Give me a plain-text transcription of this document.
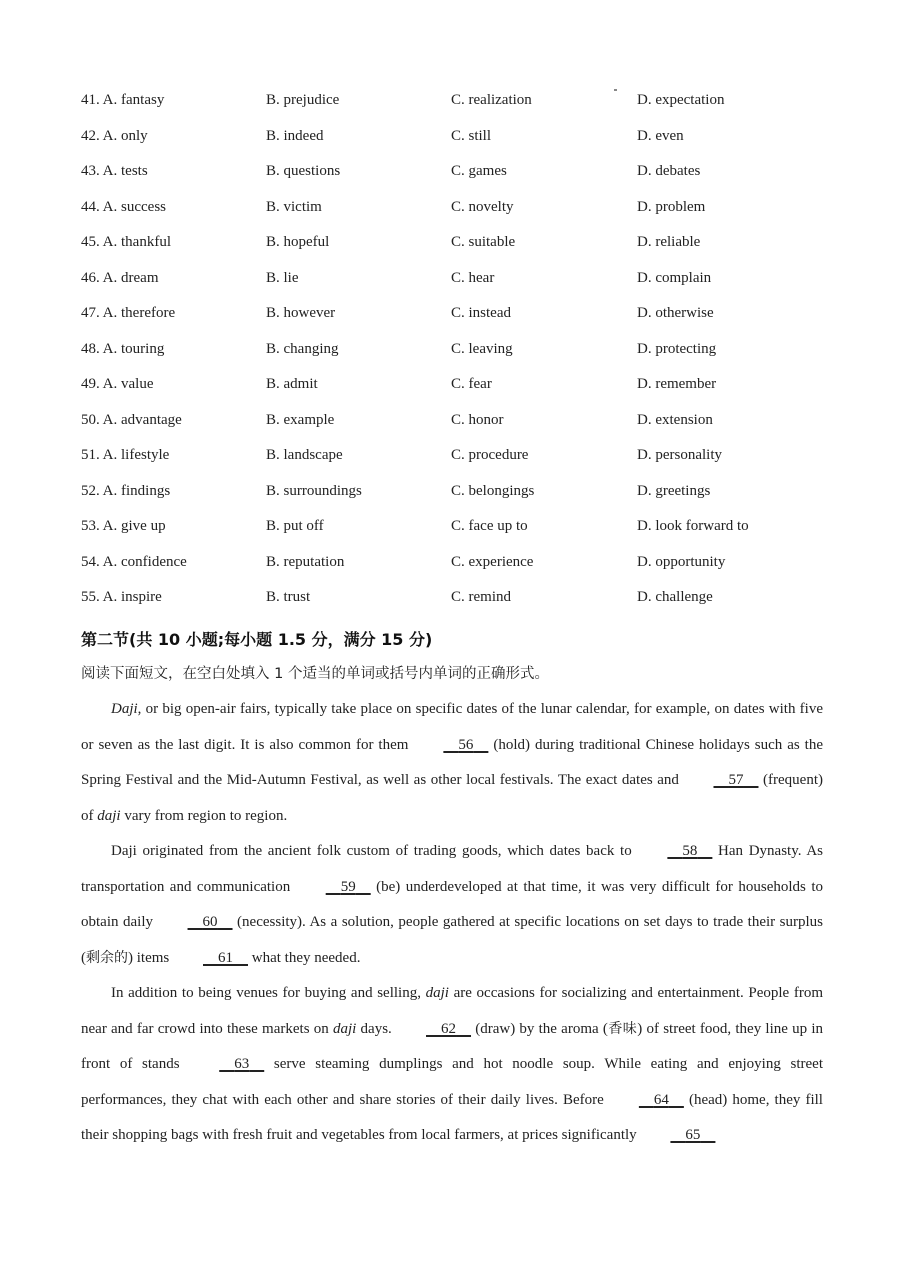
41. A. fantasy	B. prejudice	C. realization	D. expectation
42. A. only	B. indeed	C. still	D. even
43. A. tests	B. questions	C. games	D. debates
44. A. success	B. victim	C. novelty	D. problem
45. A. thankful	B. hopeful	C. suitable	D. reliable
46. A. dream	B. lie	C. hear	D. complain
47. A. therefore	B. however	C. instead	D. otherwise
48. A. touring	B. changing	C. leaving	D. protecting
49. A. value	B. admit	C. fear	D. remember
50. A. advantage	B. example	C. honor	D. extension
51. A. lifestyle	B. landscape	C. procedure	D. personality
52. A. findings	B. surroundings	C. belongings	D. greetings
53. A. give up	B. put off	C. face up to	D. look forward to
54. A. confidence	B. reputation	C. experience	D. opportunity
55. A. inspire	B. trust	C. remind	D. challenge
第二节(共 10 小题;每小题 1.5 分，满分 15 分)
阅读下面短文，在空白处填入 1 个适当的单词或括号内单词的正确形式。

Daji, or big open-air fairs, typically take place on specific dates of the lunar calendar, for example, on dates with five or seven as the last digit. It is also common for them	56     (hold) during traditional Chinese holidays such as the Spring Festival and the Mid-Autumn Festival, as well as other local festivals. The exact dates and	57     (frequent) of daji vary from region to region.

Daji originated from the ancient folk custom of trading goods, which dates back to	58     Han Dynasty. As transportation and communication	59     (be) underdeveloped at that time, it was very difficult for households to obtain daily	60     (necessity). As a solution, people gathered at specific locations on set days to trade their surplus (剩余的) items	61     what they needed.

In addition to being venues for buying and selling, daji are occasions for socializing and entertainment. People from near and far crowd into these markets on daji days.	62     (draw) by the aroma (香味) of street food, they line up in front of stands	63     serve steaming dumplings and hot noodle soup. While eating and enjoying street performances, they chat with each other and share stories of their daily lives. Before	64     (head) home, they fill their shopping bags with fresh fruit and vegetables from local farmers, at prices significantly	65
